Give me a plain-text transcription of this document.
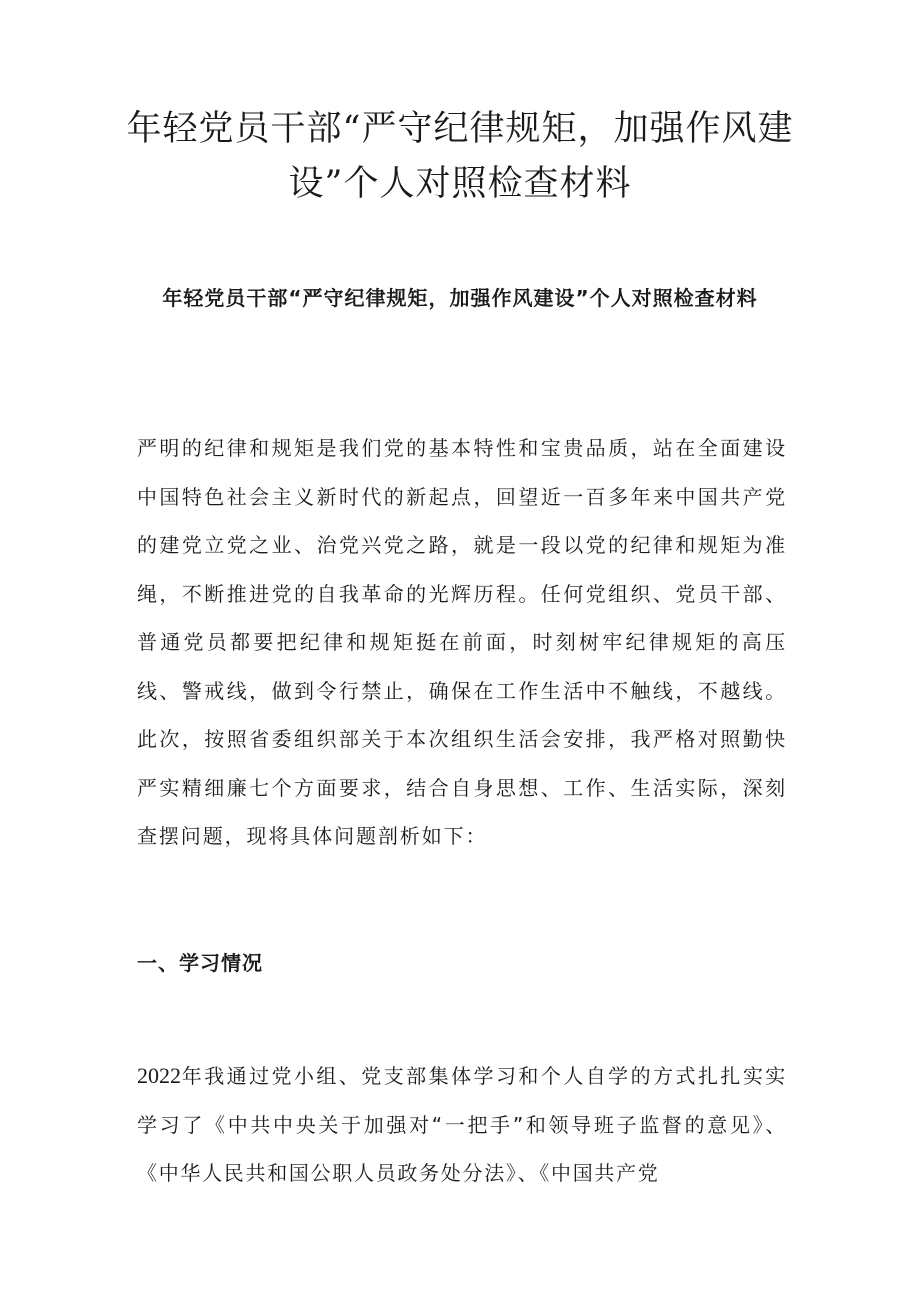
年轻党员干部“严守纪律规矩，加强作风建设”个人对照检查材料
年轻党员干部“严守纪律规矩，加强作风建设”个人对照检查材料

严明的纪律和规矩是我们党的基本特性和宝贵品质，站在全面建设中国特色社会主义新时代的新起点，回望近一百多年来中国共产党的建党立党之业、治党兴党之路，就是一段以党的纪律和规矩为准绳，不断推进党的自我革命的光辉历程。任何党组织、党员干部、普通党员都要把纪律和规矩挺在前面，时刻树牢纪律规矩的高压线、警戒线，做到令行禁止，确保在工作生活中不触线，不越线。此次，按照省委组织部关于本次组织生活会安排，我严格对照勤快严实精细廉七个方面要求，结合自身思想、工作、生活实际，深刻查摆问题，现将具体问题剖析如下：

一、学习情况

2022年我通过党小组、党支部集体学习和个人自学的方式扎扎实实学习了《中共中央关于加强对“一把手”和领导班子监督的意见》、《中华人民共和国公职人员政务处分法》、《中国共产党
